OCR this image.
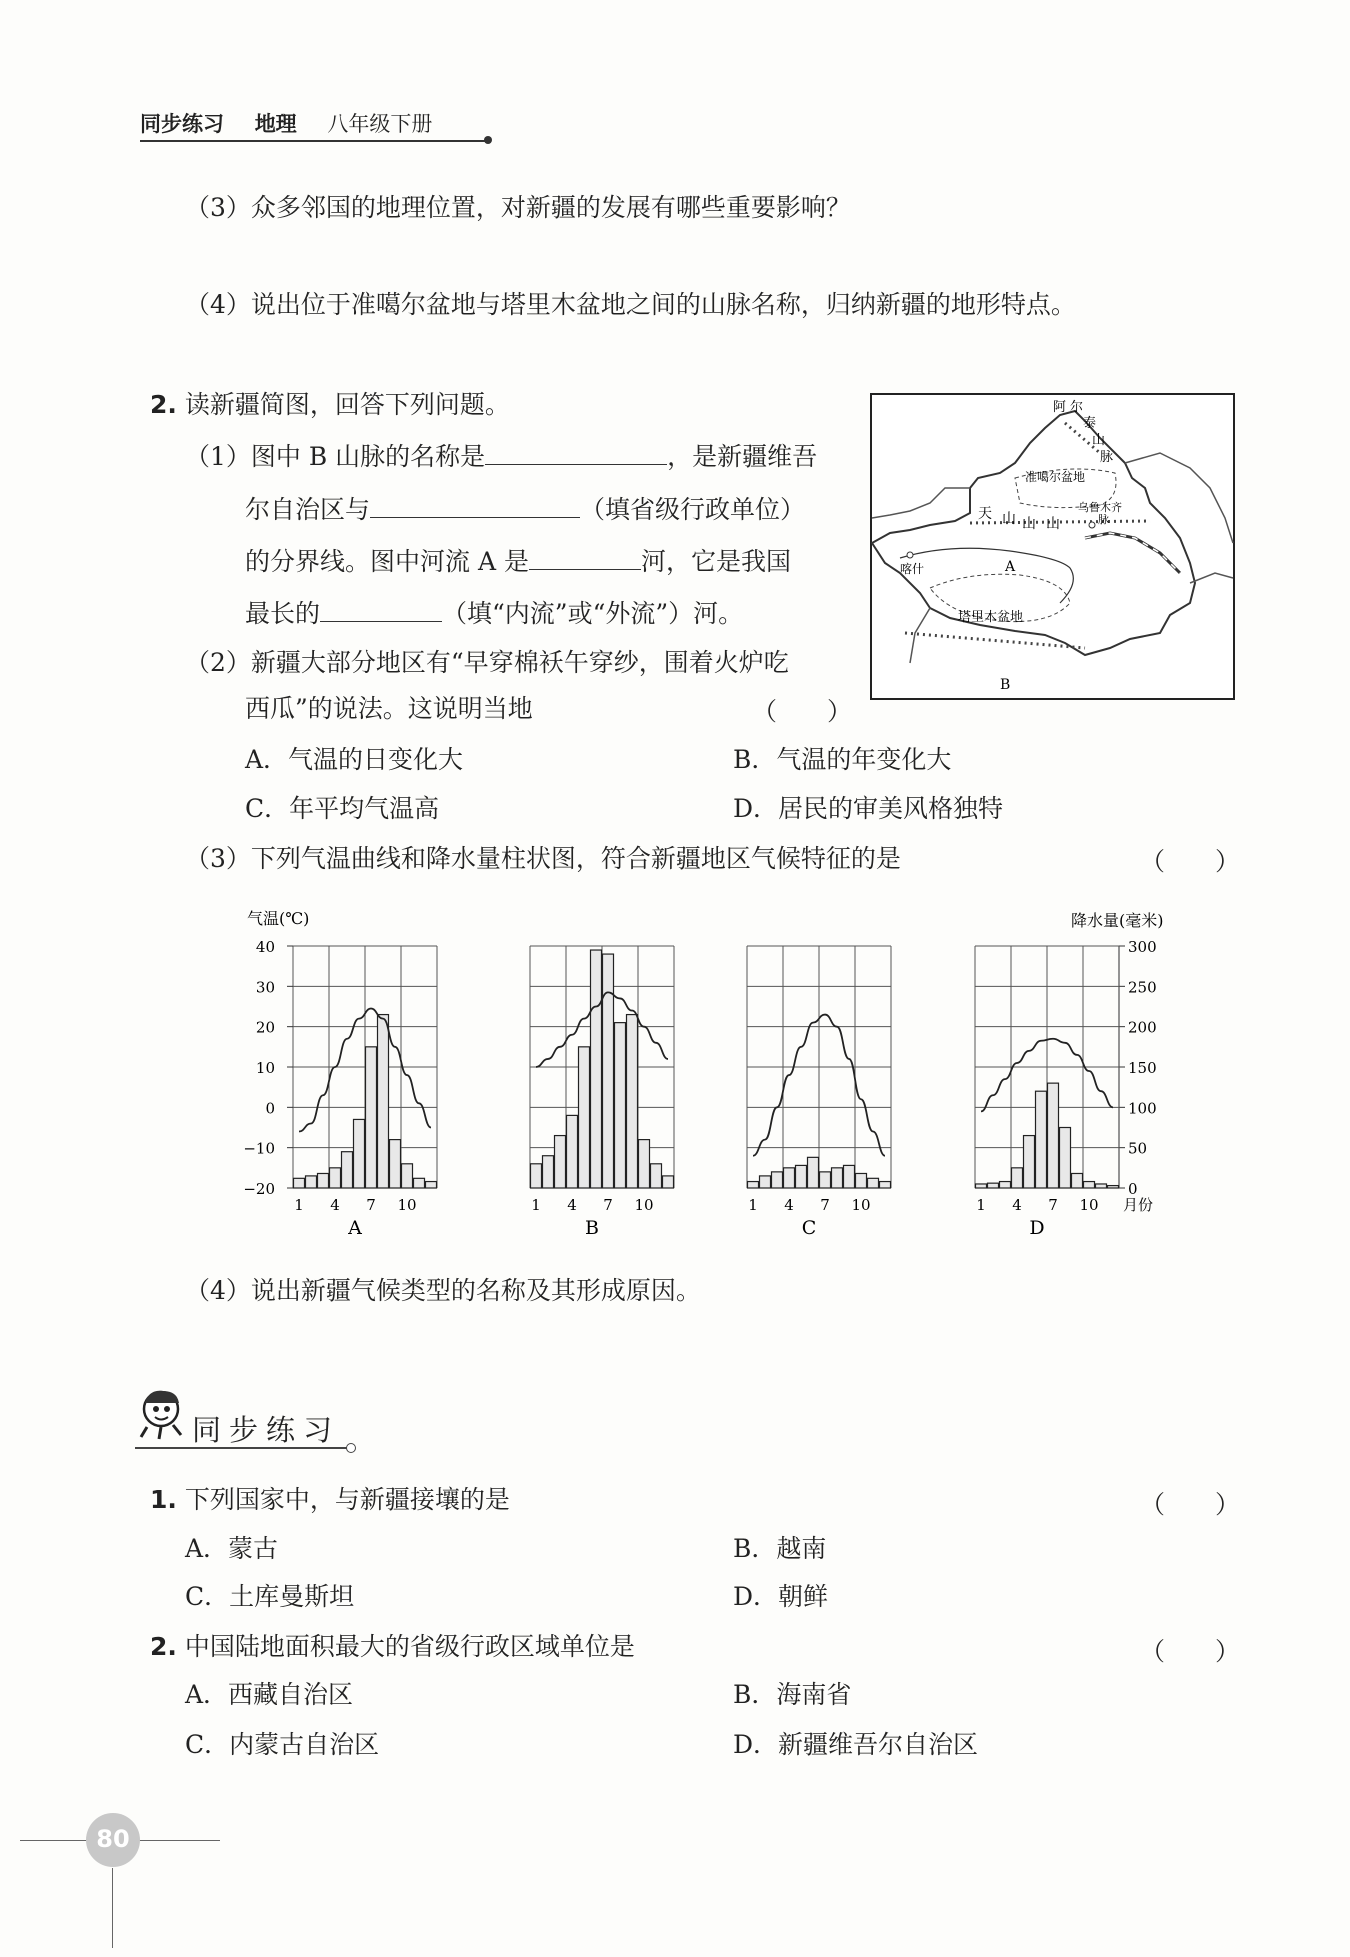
同步练习 地理 八年级下册
（3）众多邻国的地理位置，对新疆的发展有哪些重要影响？
（4）说出位于准噶尔盆地与塔里木盆地之间的山脉名称，归纳新疆的地形特点。
2. 读新疆简图，回答下列问题。
（1）图中 B 山脉的名称是	，是新疆维吾
尔自治区与	（填省级行政单位）
的分界线。图中河流 A 是	河，它是我国
最长的	（填“内流”或“外流”）河。
（2）新疆大部分地区有“早穿棉袄午穿纱，围着火炉吃
西瓜”的说法。这说明当地	（　　）
A．气温的日变化大	B．气温的年变化大
C．年平均气温高	D．居民的审美风格独特
（3）下列气温曲线和降水量柱状图，符合新疆地区气候特征的是	（　　）
阿 尔
泰
山
脉
准噶尔盆地
乌鲁木齐
脉
天 山 山 山
喀什	A
塔里木盆地
B
气温(℃)	降水量(毫米)
40
30
20
10
0
−10
−20
300
250
200
150
100
50
0
1 4 7 10
A
1 4 7 10
B
1 4 7 10
C
1 4 7 10 月份
D
（4）说出新疆气候类型的名称及其形成原因。
同步练习
1. 下列国家中，与新疆接壤的是	（　　）
A．蒙古	B．越南
C．土库曼斯坦	D．朝鲜
2. 中国陆地面积最大的省级行政区域单位是	（　　）
A．西藏自治区	B．海南省
C．内蒙古自治区	D．新疆维吾尔自治区
80
